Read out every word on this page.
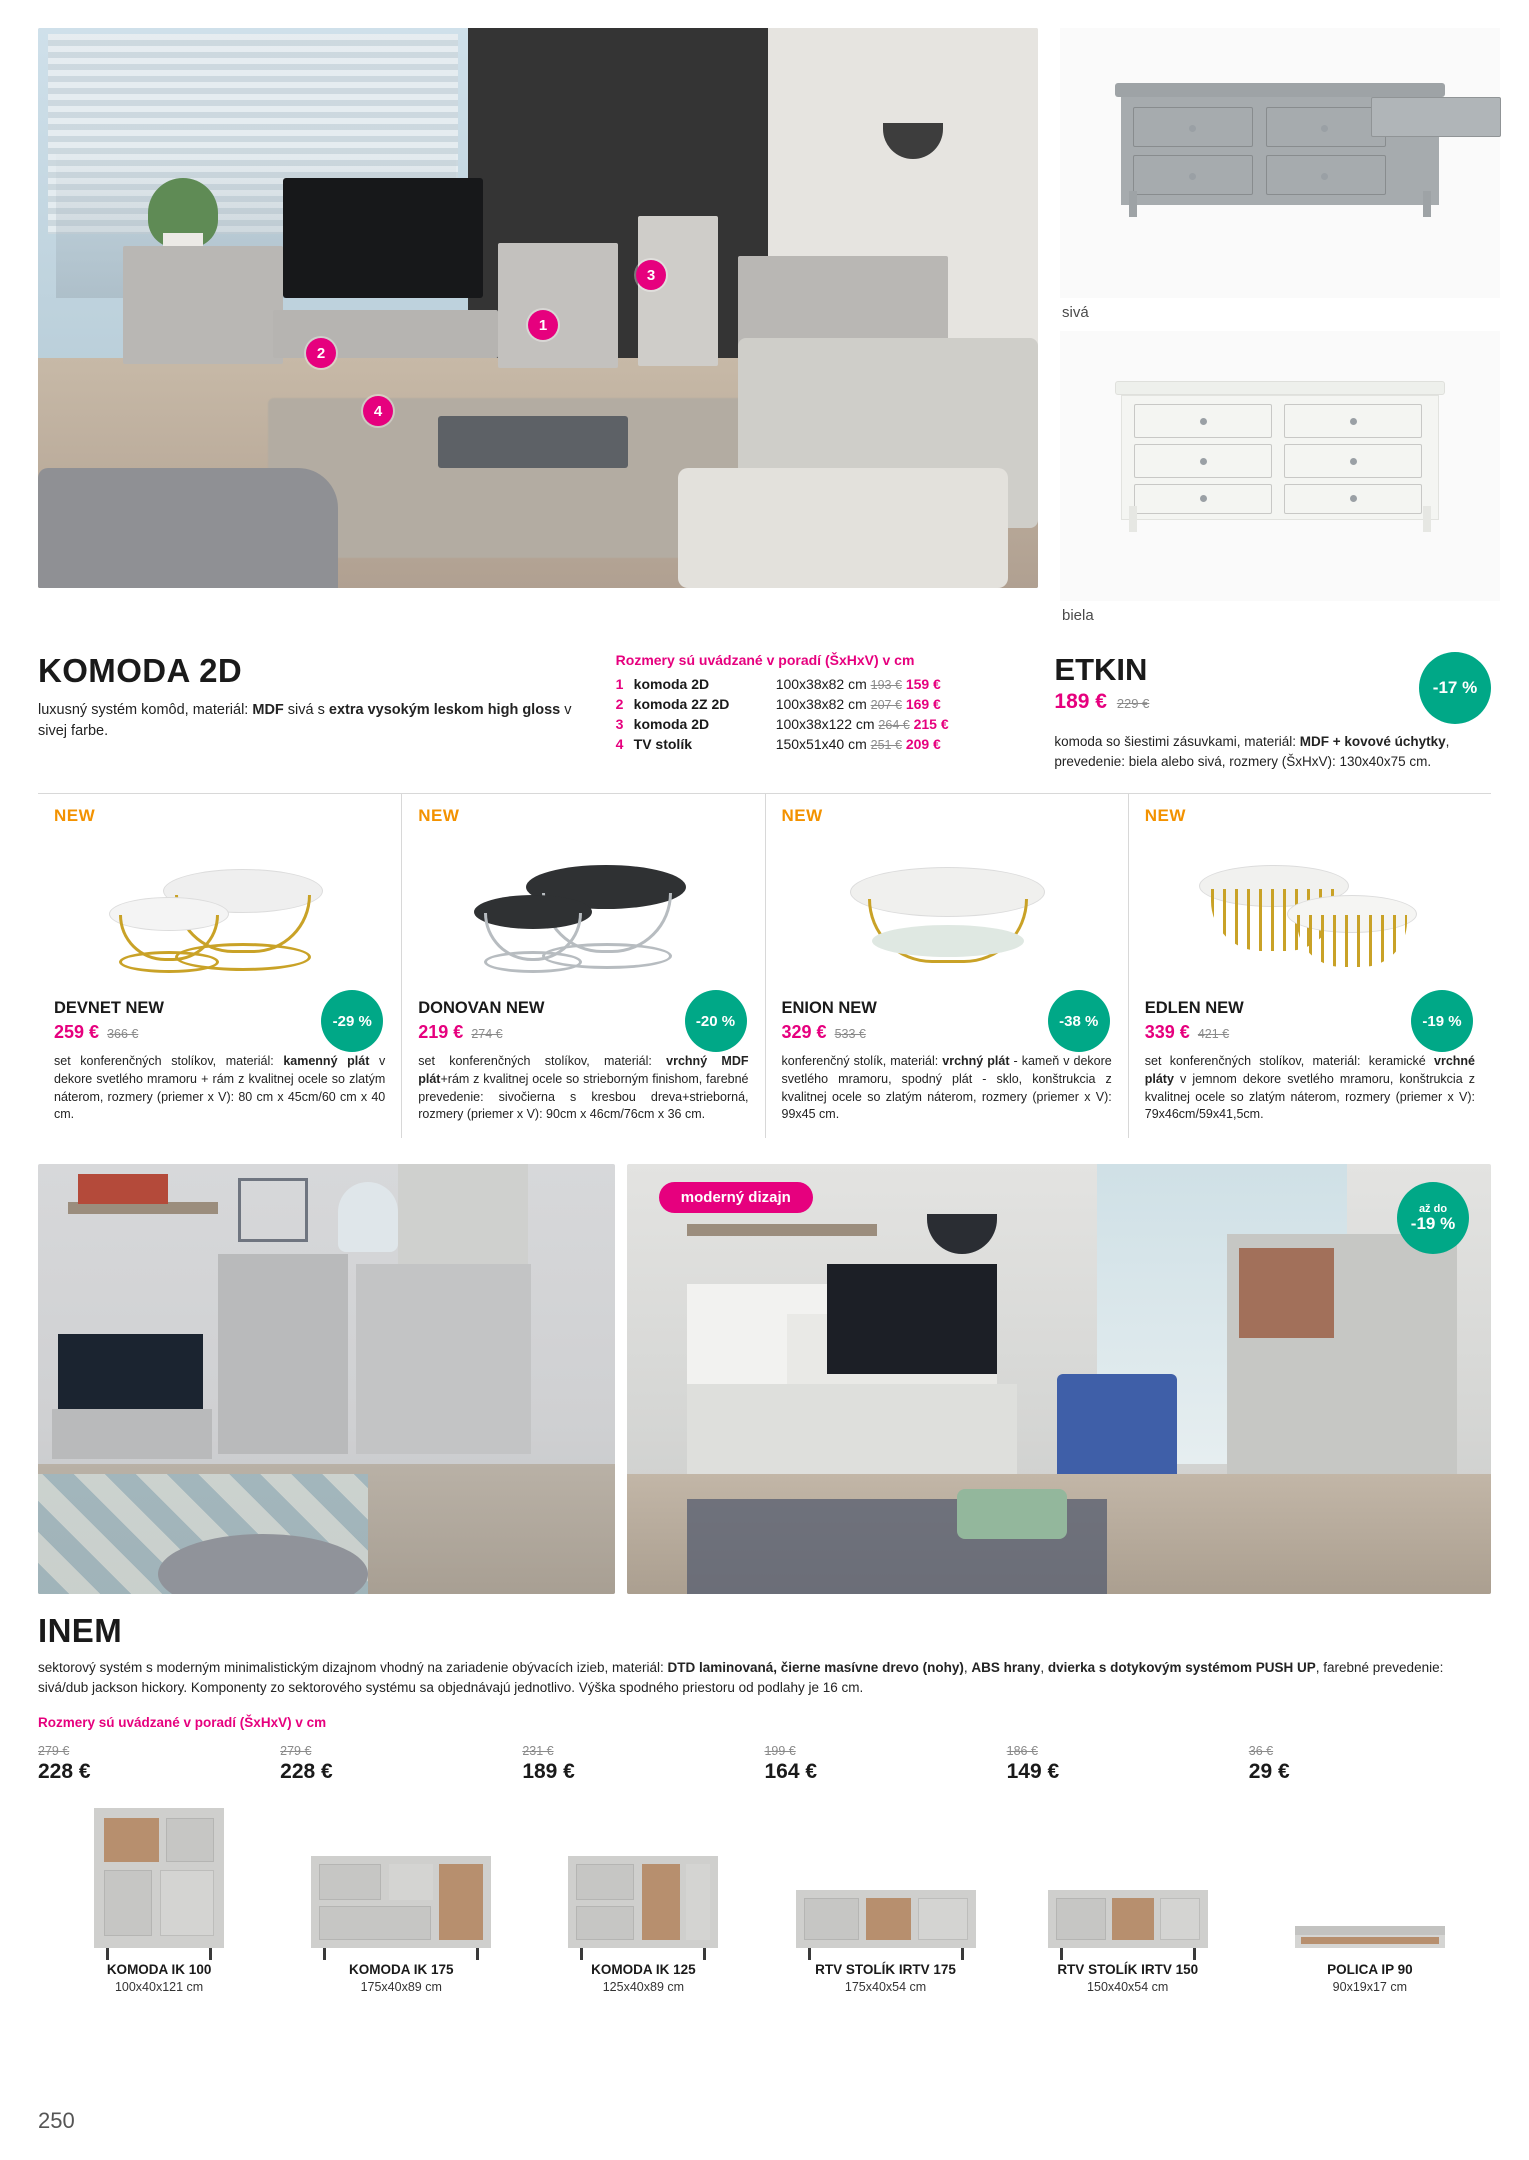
1
2
3
4
sivá
biela
KOMODA 2D
luxusný systém komôd, materiál: MDF sivá s extra vysokým leskom high gloss v sivej farbe.
Rozmery sú uvádzané v poradí (ŠxHxV) v cm
1	komoda 2D	100x38x82 cm 193 € 159 €
2	komoda 2Z 2D	100x38x82 cm 207 € 169 €
3	komoda 2D	100x38x122 cm 264 € 215 €
4	TV stolík	150x51x40 cm 251 € 209 €
ETKIN
189 € 229 €
-17 %
komoda so šiestimi zásuvkami, materiál: MDF + kovové úchytky, prevedenie: biela alebo sivá, rozmery (ŠxHxV): 130x40x75 cm.
NEW
DEVNET NEW
259 € 366 €
-29 %
set konferenčných stolíkov, materiál: kamenný plát v dekore svetlého mramoru + rám z kvalitnej ocele so zlatým náterom, rozmery (priemer x V): 80 cm x 45cm/60 cm x 40 cm.
NEW
DONOVAN NEW
219 € 274 €
-20 %
set konferenčných stolíkov, materiál: vrchný MDF plát+rám z kvalitnej ocele so strieborným finishom, farebné prevedenie: sivočierna s kresbou dreva+strieborná, rozmery (priemer x V): 90cm x 46cm/76cm x 36 cm.
NEW
ENION NEW
329 € 533 €
-38 %
konferenčný stolík, materiál: vrchný plát - kameň v dekore svetlého mramoru, spodný plát - sklo, konštrukcia z kvalitnej ocele so zlatým náterom, rozmery (priemer x V): 99x45 cm.
NEW
EDLEN NEW
339 € 421 €
-19 %
set konferenčných stolíkov, materiál: keramické vrchné pláty v jemnom dekore svetlého mramoru, konštrukcia z kvalitnej ocele so zlatým náterom, rozmery (priemer x V): 79x46cm/59x41,5cm.
moderný dizajn
až do
-19 %
INEM
sektorový systém s moderným minimalistickým dizajnom vhodný na zariadenie obývacích izieb, materiál: DTD laminovaná, čierne masívne drevo (nohy), ABS hrany, dvierka s dotykovým systémom PUSH UP, farebné prevedenie: sivá/dub jackson hickory. Komponenty zo sektorového systému sa objednávajú jednotlivo. Výška spodného priestoru od podlahy je 16 cm.
Rozmery sú uvádzané v poradí (ŠxHxV) v cm
279 €
228 €
KOMODA IK 100
100x40x121 cm
279 €
228 €
KOMODA IK 175
175x40x89 cm
231 €
189 €
KOMODA IK 125
125x40x89 cm
199 €
164 €
RTV STOLÍK IRTV 175
175x40x54 cm
186 €
149 €
RTV STOLÍK IRTV 150
150x40x54 cm
36 €
29 €
POLICA IP 90
90x19x17 cm
250
